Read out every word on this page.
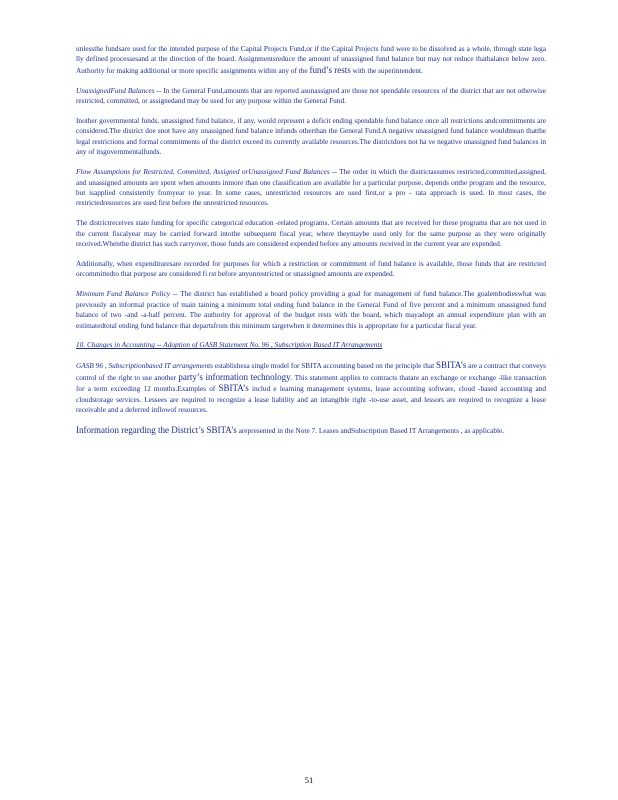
unlessthe fundsare used for the intended purpose of the Capital Projects Fund,or if the Capital Projects fund were to be dissolved as a whole, through state lega lly defined processesand at the direction of the board. Assignmentsreduce the amount of unassigned fund balance but may not reduce thatbalance below zero. Authority for making additional or more specific assignments within any of the fund’s rests with the superintendent.
UnassignedFund Balances -- In the General Fund,amounts that are reported asunassigned are those not spendable resources of the district that are not otherwise restricted, committed, or assignedand may be used for any purpose within the General Fund.
Inother governmental funds, unassigned fund balance, if any, would represent a deficit ending spendable fund balance once all restrictions andcommitments are considered.The district doe snot have any unassigned fund balance infunds otherthan the General Fund.A negative unassigned fund balance wouldmean thatthe legal restrictions and formal commitments of the district exceed its currently available resources.The districtdoes not ha ve negative unassigned fund balances in any of itsgovernmentalfunds.
Flow Assumptions for Restricted, Committed, Assigned orUnassigned Fund Balances -- The order in which the districtassumes restricted,committed,assigned, and unassigned amounts are spent when amounts inmore than one classification are available for a particular purpose, depends onthe program and the resource, but isapplied consistently fromyear to year. In some cases, unrestricted resources are used first,or a pro - rata approach is used. In most cases, the restrictedresources are used first before the unrestricted resources.
The districtreceives state funding for specific categorical education -related programs. Certain amounts that are received for these programs that are not used in the current fiscalyear may be carried forward intothe subsequent fiscal year, where theymaybe used only for the same purpose as they were originally received.Whenthe district has such carryover, those funds are considered expended before any amounts received in the current year are expended.
Additionally, when expendituresare recorded for purposes for which a restriction or commitment of fund balance is available, those funds that are restricted orcommittedto that purpose are considered fi rst before anyunrestricted or unassigned amounts are expended.
Minimum Fund Balance Policy -- The district has established a board policy providing a goal for management of fund balance.The goalembodieswhat was previously an informal practice of main taining a minimum total ending fund balance in the General Fund of five percent and a minimum unassigned fund balance of two -and -a-half percent. The authority for approval of the budget rests with the board, which mayadopt an annual expenditure plan with an estimatedtotal ending fund balance that departsfrom this minimum targetwhen it determines this is appropriate for a particular fiscal year.
10. Changes in Accounting -- Adoption of GASB Statement No. 96 , Subscription Based IT Arrangements
GASB 96 , Subscriptionbased IT arrangements establishesa single model for SBITA accounting based on the principle that SBITA’s are a contract that conveys control of the right to use another party’s information technology. This statement applies to contracts thatare an exchange or exchange -like transaction for a term exceeding 12 months.Examples of SBITA’s includ e learning management systems, lease accounting software, cloud -based accounting and cloudstorage services. Lessees are required to recognize a lease liability and an intangible right -to-use asset, and lessors are required to recognize a lease receivable and a deferred inflowof resources.
Information regarding the District’s SBITA’s arepresented in the Note 7. Leases andSubscription Based IT Arrangements , as applicable.
51
